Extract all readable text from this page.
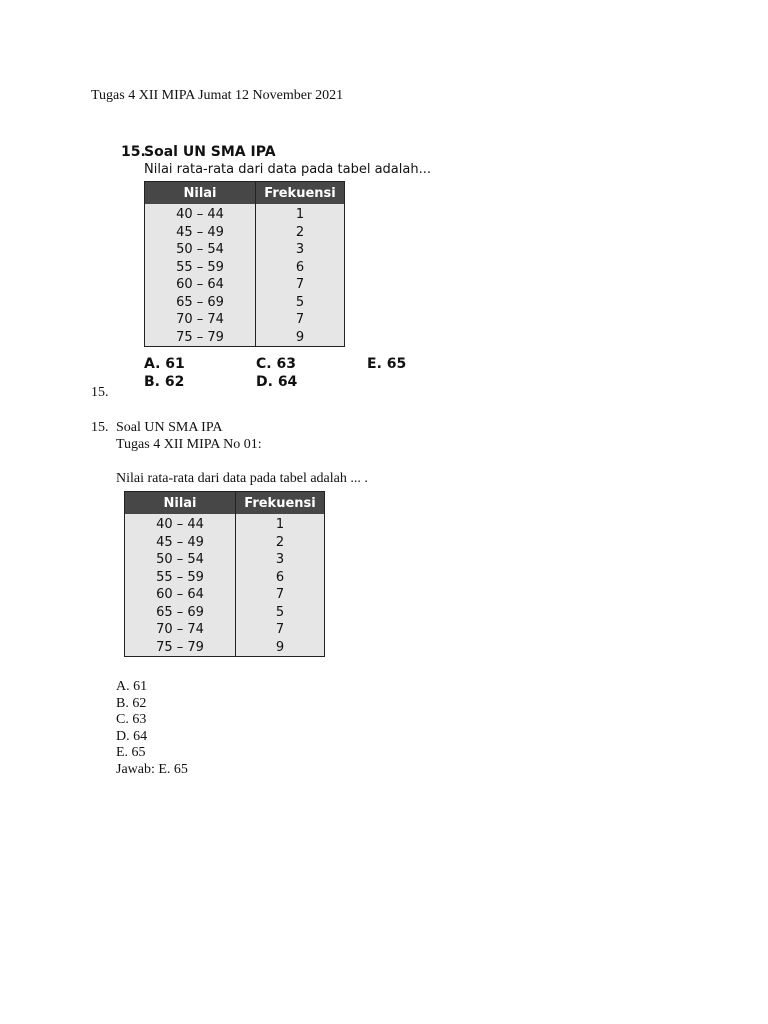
Tugas 4 XII MIPA Jumat 12 November 2021
15.
Soal UN SMA IPA
Nilai rata-rata dari data pada tabel adalah...
Nilai	Frekuensi
40 – 44	1
45 – 49	2
50 – 54	3
55 – 59	6
60 – 64	7
65 – 69	5
70 – 74	7
75 – 79	9
A. 61	C. 63	E. 65
B. 62	D. 64
15.
15. Soal UN SMA IPA
Tugas 4 XII MIPA No 01:
Nilai rata-rata dari data pada tabel adalah ... .
Nilai	Frekuensi
40 – 44	1
45 – 49	2
50 – 54	3
55 – 59	6
60 – 64	7
65 – 69	5
70 – 74	7
75 – 79	9
A. 61
B. 62
C. 63
D. 64
E. 65
Jawab: E. 65
